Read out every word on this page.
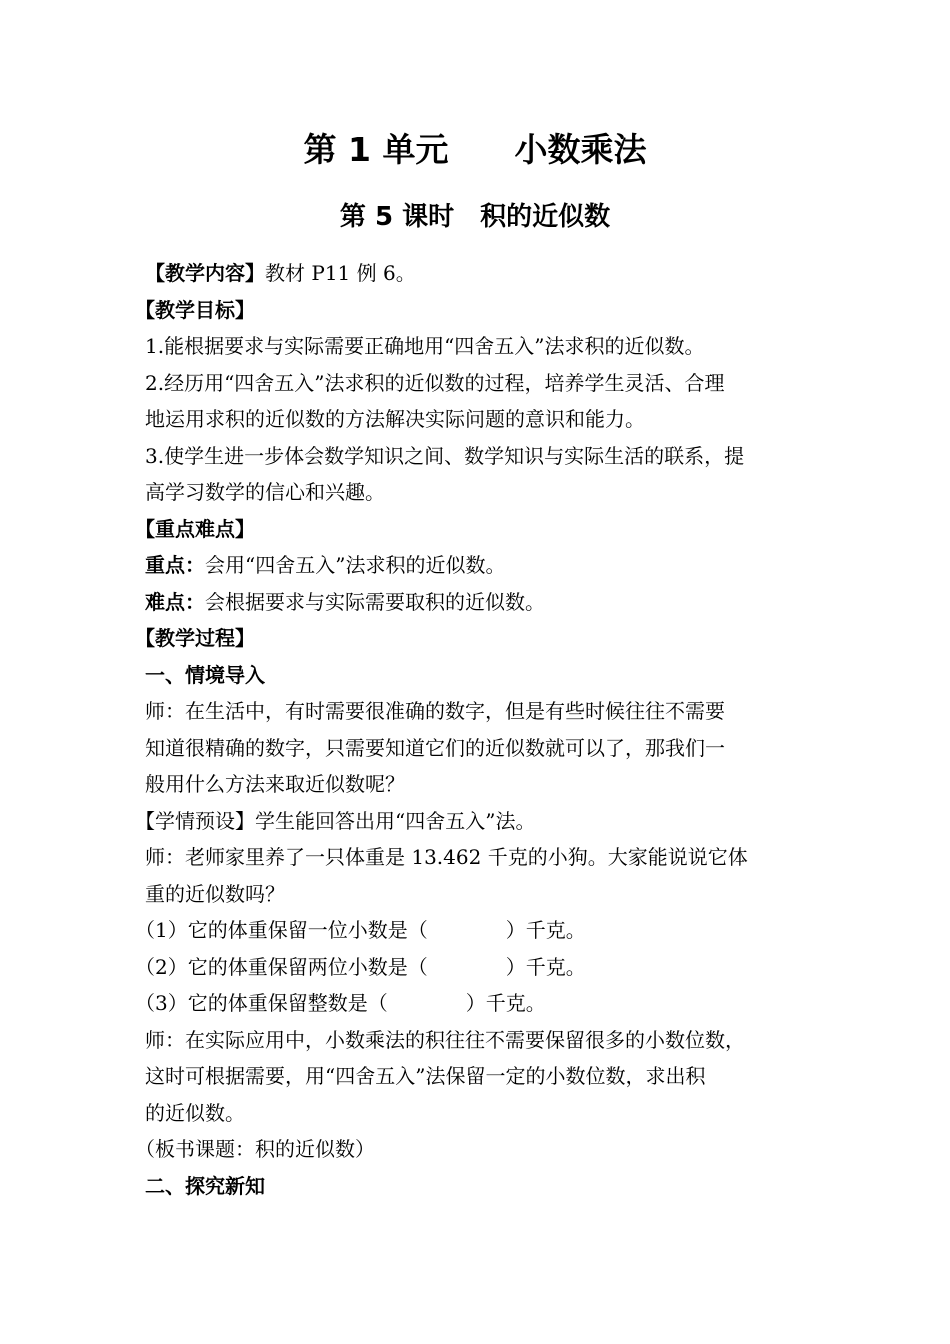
第 1 单元　　小数乘法
第 5 课时　积的近似数
【教学内容】教材 P11 例 6。
【教学目标】
1.能根据要求与实际需要正确地用“四舍五入”法求积的近似数。
2.经历用“四舍五入”法求积的近似数的过程，培养学生灵活、合理
地运用求积的近似数的方法解决实际问题的意识和能力。
3.使学生进一步体会数学知识之间、数学知识与实际生活的联系，提
高学习数学的信心和兴趣。
【重点难点】
重点：会用“四舍五入”法求积的近似数。
难点：会根据要求与实际需要取积的近似数。
【教学过程】
一、情境导入
师：在生活中，有时需要很准确的数字，但是有些时候往往不需要
知道很精确的数字，只需要知道它们的近似数就可以了，那我们一
般用什么方法来取近似数呢？
【学情预设】学生能回答出用“四舍五入”法。
师：老师家里养了一只体重是 13.462 千克的小狗。大家能说说它体
重的近似数吗？
（1）它的体重保留一位小数是（	）千克。
（2）它的体重保留两位小数是（	）千克。
（3）它的体重保留整数是（	）千克。
师：在实际应用中，小数乘法的积往往不需要保留很多的小数位数，
这时可根据需要，用“四舍五入”法保留一定的小数位数，求出积
的近似数。
（板书课题：积的近似数）
二、探究新知
